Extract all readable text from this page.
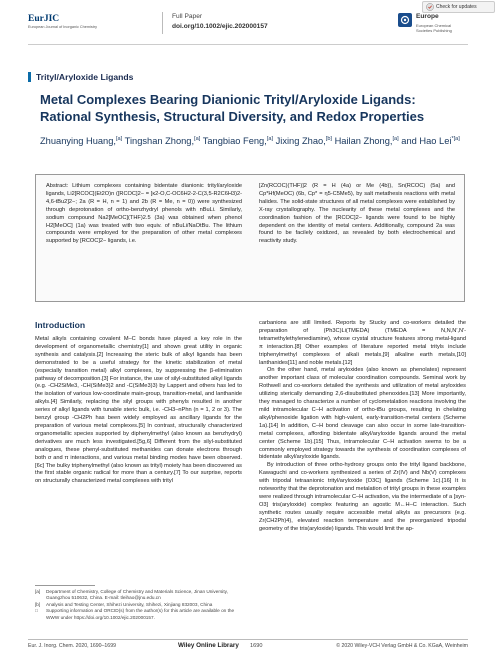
EurJIC
European Journal of Inorganic Chemistry
Full Paper
doi.org/10.1002/ejic.202000157
Check for updates
Europe
European Chemical
Societies Publishing
Trityl/Aryloxide Ligands
Metal Complexes Bearing Dianionic Trityl/Aryloxide Ligands: Rational Synthesis, Structural Diversity, and Redox Properties
Zhuanying Huang,[a] Tingshan Zhong,[a] Tangbiao Feng,[a] Jixing Zhao,[b] Hailan Zhong,[a] and Hao Lei$^{*[a]}$
Abstract: Lithium complexes containing bidentate dianionic trityl/aryloxide ligands, Li2[RCOC](Et2O)n ([RCOC]2− = [κ2-O,C-OC6H2-2-C(3,5-R2C6H3)2-4,6-tBu2]2−; 2a (R = H, n = 1) and 2b (R = Me, n = 0)) were synthesized through deprotonation of ortho-benzhydryl phenols with nBuLi. Similarly, sodium compound Na2[MeOC](THF)2.5 (3a) was obtained when phenol H2[MeOC] (1a) was treated with two equiv. of nBuLi/NaOtBu. The lithium compounds were employed for the preparation of other metal complexes supported by [RCOC]2− ligands, i.e.
[Zn(RCOC)(THF)]2 (R = H (4a) or Me (4b)), Sn(RCOC) (5a) and Cp*Hf(MeOC) (6b, Cp* = η5-C5Me5), by salt metathesis reactions with metal halides. The solid-state structures of all metal complexes were established by X-ray crystallography. The nuclearity of these metal complexes and the coordination fashion of the [RCOC]2− ligands were found to be highly dependent on the identity of metal centers. Additionally, compound 2a was found to be facilely oxidized, as revealed by both electrochemical and reactivity study.
Introduction

Metal alkyls containing covalent M–C bonds have played a key role in the development of organometallic chemistry[1] and shown great utility in organic synthesis and catalysis.[2] Increasing the steric bulk of alkyl ligands has been demonstrated to be a useful strategy for the kinetic stabilization of metal (especially transition metal) alkyl complexes, by suppressing the β-elimination pathway of decomposition.[3] For instance, the use of silyl-substituted alkyl ligands (e.g. -CH2SiMe3, -CH(SiMe3)2 and -C(SiMe3)3) by Lappert and others has led to the isolation of various low-coordinate main-group, transition-metal, and lanthanide alkyls.[4] Similarly, replacing the silyl groups with phenyls resulted in another series of alkyl ligands with tunable steric bulk, i.e. -CH3–nPhn (n = 1, 2 or 3). The benzyl group -CH2Ph has been widely employed as ancillary ligands for the preparation of various metal complexes.[5] In contrast, structurally characterized organometallic species supported by diphenylmethyl (also known as benzhydryl) derivatives are much less investigated.[5g,6] Different from the silyl-substituted analogues, these phenyl-substituted methanides can donate electrons through both σ and π interactions, and various metal binding modes have been observed.[6c] The bulky triphenylmethyl (also known as trityl) moiety has been discovered as the first stable organic radical for more than a century.[7] To our surprise, reports on structurally characterized metal complexes with trityl

carbanions are still limited. Reports by Stucky and co-workers detailed the preparation of (Ph3C)Li(TMEDA) (TMEDA = N,N,N′,N′-tetramethylethylenediamine), whose crystal structure features strong metal-ligand π interaction.[8] Other examples of literature reported metal trityls include triphenylmethyl complexes of alkali metals,[9] alkaline earth metals,[10] lanthanides[11] and noble metals.[12]

On the other hand, metal aryloxides (also known as phenolates) represent another important class of molecular coordination compounds. Seminal work by Rothwell and co-workers detailed the synthesis and utilization of metal aryloxides utilizing sterically demanding 2,6-disubstituted phenoxides.[13] More importantly, they managed to characterize a number of cyclometalation reactions involving the mild intramolecular C–H activation of ortho-tBu groups, resulting in chelating alkyl/phenoxide ligation with high-valent, early-transition-metal centers (Scheme 1a).[14] In addition, C–H bond cleavage can also occur in some late-transition-metal complexes, affording bidentate alkyl/aryloxide ligands around the metal center (Scheme 1b).[15] Thus, intramolecular C–H activation seems to be a commonly employed strategy towards the synthesis of coordination complexes of bidentate alkyl/aryloxide ligands.

By introduction of three ortho-hydroxy groups onto the trityl ligand backbone, Kawaguchi and co-workers synthesized a series of Zr(IV) and Nb(V) complexes with tripodal tetraanionic trityl/aryloxide [O3C] ligands (Scheme 1c).[16] It is noteworthy that the deprotonation and metalation of trityl groups in these examples were realized through intramolecular C–H activation, via the intermediate of a [syn-O3] tris(aryloxide) complex featuring an agostic M←H–C interaction. Such synthetic routes usually require accessible metal alkyls as precursors (e.g. Zr(CH2Ph)4), elevated reaction temperature and the preorganized tripodal geometry of the tris(aryloxide) ligands. This would limit the ap-

[a]	Department of Chemistry, College of Chemistry and Materials Science, Jinan University, Guangzhou 510632, China. E-mail: tleihao@jnu.edu.cn
[b]	Analysis and Testing Center, Shihezi University, Shihezi, Xinjiang 832003, China
□	Supporting information and ORCID(s) from the author(s) for this article are available on the WWW under https://doi.org/10.1002/ejic.202000157.
Eur. J. Inorg. Chem. 2020, 1690–1699	Wiley Online Library 1690	© 2020 Wiley-VCH Verlag GmbH & Co. KGaA, Weinheim
